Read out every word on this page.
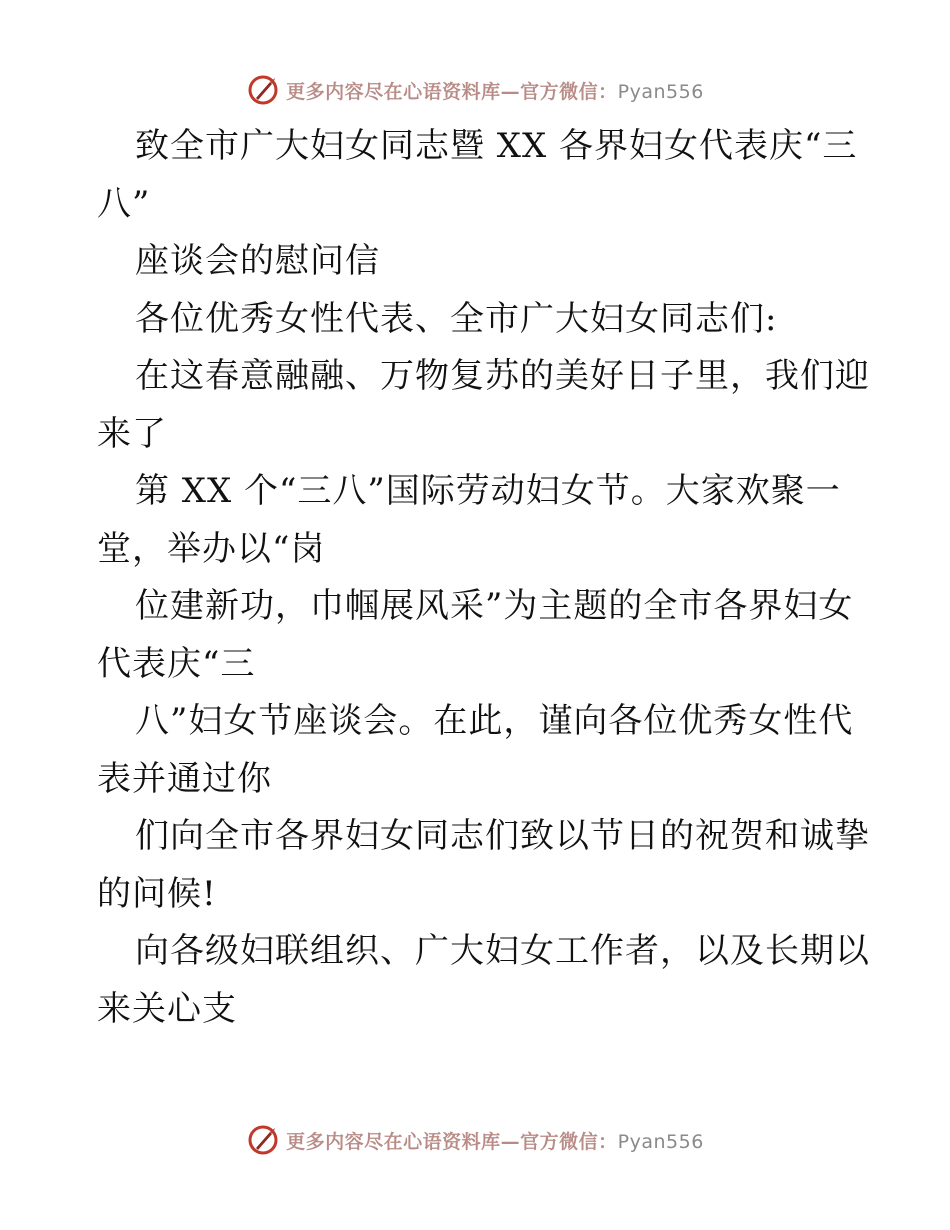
更多内容尽在心语资料库—官方微信：Pyan556

致全市广大妇女同志暨 XX 各界妇女代表庆“三

八”

座谈会的慰问信

各位优秀女性代表、全市广大妇女同志们:

在这春意融融、万物复苏的美好日子里，我们迎

来了

第 XX 个“三八”国际劳动妇女节。大家欢聚一

堂，举办以“岗

位建新功，巾帼展风采”为主题的全市各界妇女

代表庆“三

八”妇女节座谈会。在此，谨向各位优秀女性代

表并通过你

们向全市各界妇女同志们致以节日的祝贺和诚挚

的问候!

向各级妇联组织、广大妇女工作者，以及长期以

来关心支

更多内容尽在心语资料库—官方微信：Pyan556
